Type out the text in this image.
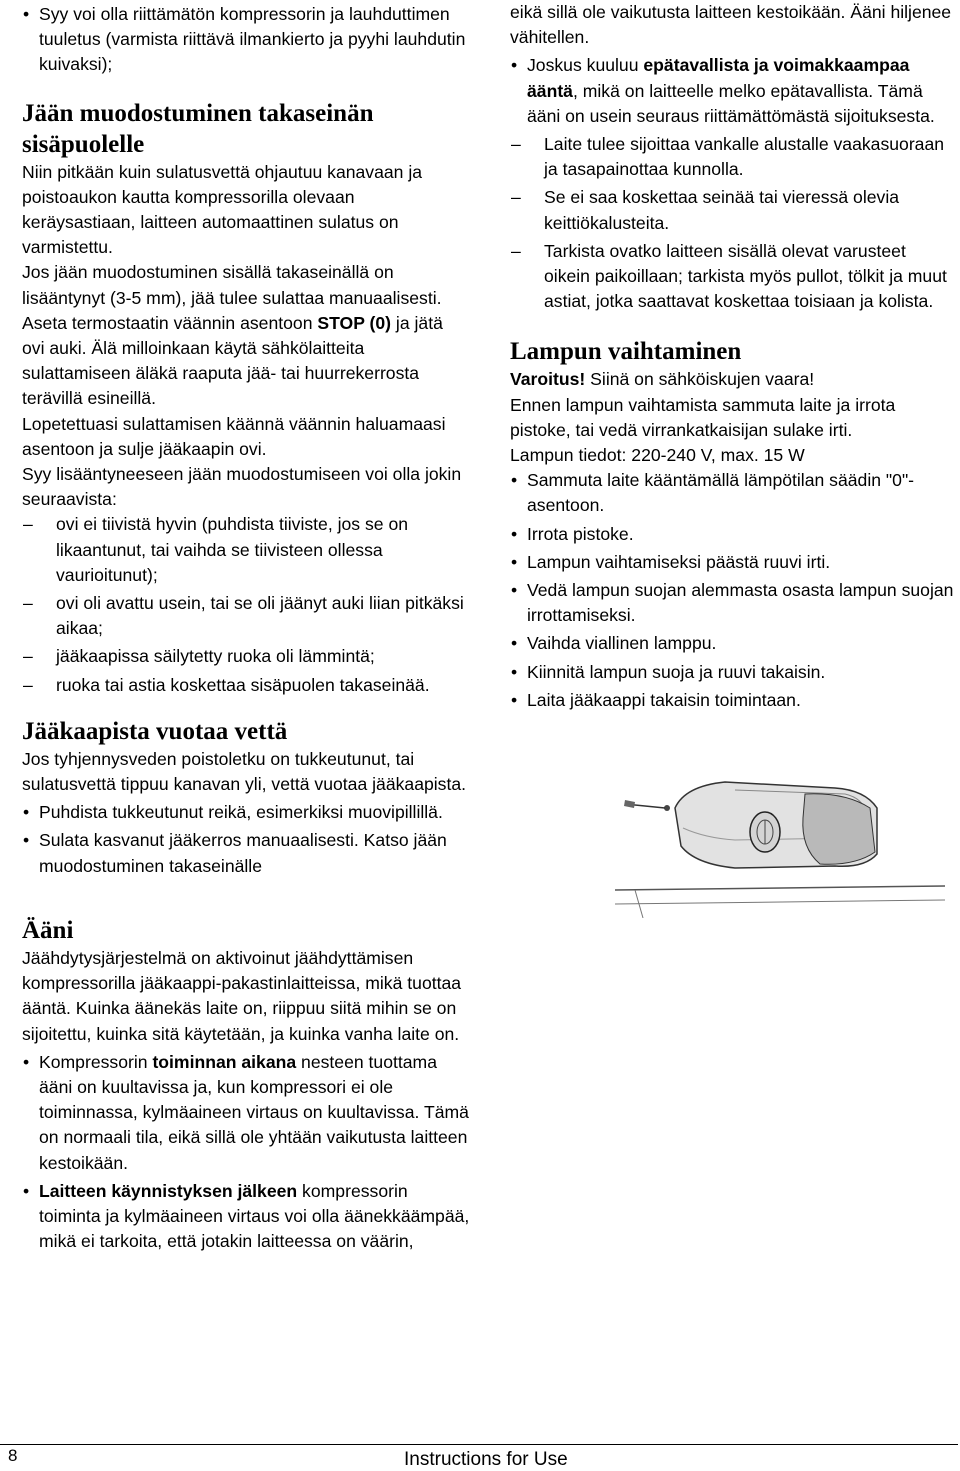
• Syy voi olla riittämätön kompressorin ja lauhduttimen tuuletus (varmista riittävä ilmankierto ja pyyhi lauhdutin kuivaksi);
Jään muodostuminen takaseinän sisäpuolelle

Niin pitkään kuin sulatusvettä ohjautuu kanavaan ja poistoaukon kautta kompressorilla olevaan keräysastiaan, laitteen automaattinen sulatus on varmistettu.

Jos jään muodostuminen sisällä takaseinällä on lisääntynyt (3-5 mm), jää tulee sulattaa manuaalisesti.

Aseta termostaatin väännin asentoon STOP (0) ja jätä ovi auki. Älä milloinkaan käytä sähkölaitteita sulattamiseen äläkä raaputa jää- tai huurrekerrosta terävillä esineillä.

Lopetettuasi sulattamisen käännä väännin haluamaasi asentoon ja sulje jääkaapin ovi.

Syy lisääntyneeseen jään muodostumiseen voi olla jokin seuraavista:

– ovi ei tiivistä hyvin (puhdista tiiviste, jos se on likaantunut, tai vaihda se tiivisteen ollessa vaurioitunut);
– ovi oli avattu usein, tai se oli jäänyt auki liian pitkäksi aikaa;
– jääkaapissa säilytetty ruoka oli lämmintä;
– ruoka tai astia koskettaa sisäpuolen takaseinää.
Jääkaapista vuotaa vettä

Jos tyhjennysveden poistoletku on tukkeutunut, tai sulatusvettä tippuu kanavan yli, vettä vuotaa jääkaapista.

• Puhdista tukkeutunut reikä, esimerkiksi muovipillillä.
• Sulata kasvanut jääkerros manuaalisesti. Katso jään muodostuminen takaseinälle
Ääni

Jäähdytysjärjestelmä on aktivoinut jäähdyttämisen kompressorilla jääkaappi-pakastinlaitteissa, mikä tuottaa ääntä. Kuinka äänekäs laite on, riippuu siitä mihin se on sijoitettu, kuinka sitä käytetään, ja kuinka vanha laite on.

• Kompressorin toiminnan aikana nesteen tuottama ääni on kuultavissa ja, kun kompressori ei ole toiminnassa, kylmäaineen virtaus on kuultavissa. Tämä on normaali tila, eikä sillä ole yhtään vaikutusta laitteen kestoikään.
• Laitteen käynnistyksen jälkeen kompressorin toiminta ja kylmäaineen virtaus voi olla äänekkäämpää, mikä ei tarkoita, että jotakin laitteessa on väärin,

eikä sillä ole vaikutusta laitteen kestoikään. Ääni hiljenee vähitellen.

• Joskus kuuluu epätavallista ja voimakkaampaa ääntä, mikä on laitteelle melko epätavallista. Tämä ääni on usein seuraus riittämättömästä sijoituksesta.
– Laite tulee sijoittaa vankalle alustalle vaakasuoraan ja tasapainottaa kunnolla.
– Se ei saa koskettaa seinää tai vieressä olevia keittiökalusteita.
– Tarkista ovatko laitteen sisällä olevat varusteet oikein paikoillaan; tarkista myös pullot, tölkit ja muut astiat, jotka saattavat koskettaa toisiaan ja kolista.
Lampun vaihtaminen

Varoitus! Siinä on sähköiskujen vaara!

Ennen lampun vaihtamista sammuta laite ja irrota pistoke, tai vedä virrankatkaisijan sulake irti.

Lampun tiedot: 220-240 V, max. 15 W

• Sammuta laite kääntämällä lämpötilan säädin "0"-asentoon.
• Irrota pistoke.
• Lampun vaihtamiseksi päästä ruuvi irti.
• Vedä lampun suojan alemmasta osasta lampun suojan irrottamiseksi.
• Vaihda viallinen lamppu.
• Kiinnitä lampun suoja ja ruuvi takaisin.
• Laita jääkaappi takaisin toimintaan.
8	Instructions for Use
